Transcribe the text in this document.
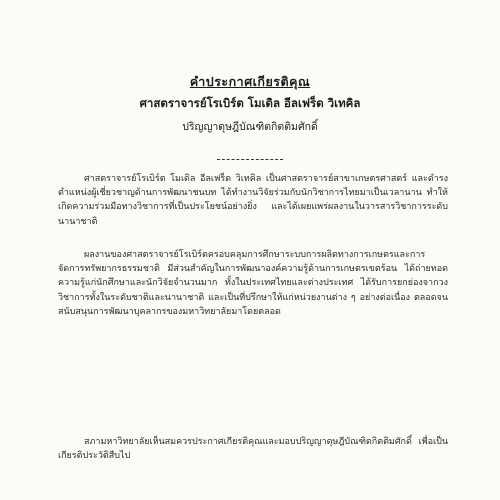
คำประกาศเกียรติคุณ
ศาสตราจารย์โรเบิร์ต โมเดิล อีลเฟร็ด วิเทคิล
ปริญญาดุษฎีบัณฑิตกิตติมศักดิ์

ศาสตราจารย์โรเบิร์ต โมเดิล อีลเฟร็ด วิเทคิล เป็นศาสตราจารย์สาขาเกษตรศาสตร์ และดำรงตำแหน่งผู้เชี่ยวชาญด้านการพัฒนาชนบท ได้ทำงานวิจัยร่วมกับนักวิชาการไทยมาเป็นเวลานาน ทำให้เกิดความร่วมมือทางวิชาการที่เป็นประโยชน์อย่างยิ่ง และได้เผยแพร่ผลงานในวารสารวิชาการระดับนานาชาติ

ผลงานของศาสตราจารย์โรเบิร์ตครอบคลุมการศึกษาระบบการผลิตทางการเกษตรและการจัดการทรัพยากรธรรมชาติ มีส่วนสำคัญในการพัฒนาองค์ความรู้ด้านการเกษตรเขตร้อน ได้ถ่ายทอดความรู้แก่นักศึกษาและนักวิจัยจำนวนมาก ทั้งในประเทศไทยและต่างประเทศ ได้รับการยกย่องจากวงวิชาการทั้งในระดับชาติและนานาชาติ และเป็นที่ปรึกษาให้แก่หน่วยงานต่าง ๆ อย่างต่อเนื่อง ตลอดจนสนับสนุนการพัฒนาบุคลากรของมหาวิทยาลัยมาโดยตลอด

สภามหาวิทยาลัยเห็นสมควรประกาศเกียรติคุณและมอบปริญญาดุษฎีบัณฑิตกิตติมศักดิ์ เพื่อเป็นเกียรติประวัติสืบไป
